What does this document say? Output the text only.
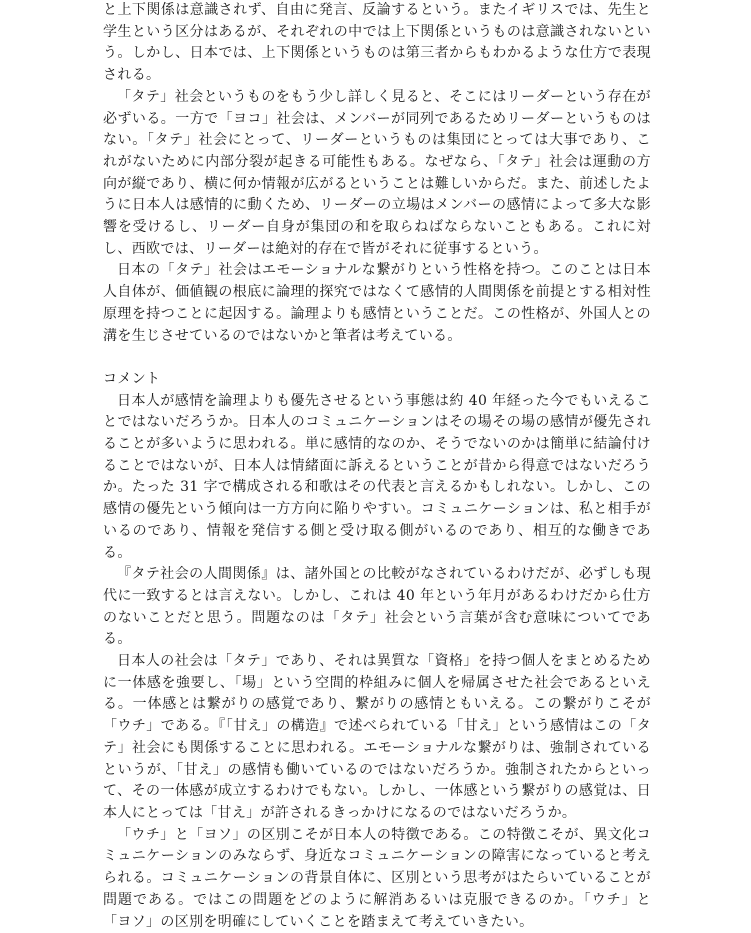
と上下関係は意識されず、自由に発言、反論するという。またイギリスでは、先生と学生という区分はあるが、それぞれの中では上下関係というものは意識されないという。しかし、日本では、上下関係というものは第三者からもわかるような仕方で表現される。

「タテ」社会というものをもう少し詳しく見ると、そこにはリーダーという存在が必ずいる。一方で「ヨコ」社会は、メンバーが同列であるためリーダーというものはない。「タテ」社会にとって、リーダーというものは集団にとっては大事であり、これがないために内部分裂が起きる可能性もある。なぜなら、「タテ」社会は運動の方向が縦であり、横に何か情報が広がるということは難しいからだ。また、前述したように日本人は感情的に動くため、リーダーの立場はメンバーの感情によって多大な影響を受けるし、リーダー自身が集団の和を取らねばならないこともある。これに対し、西欧では、リーダーは絶対的存在で皆がそれに従事するという。

日本の「タテ」社会はエモーショナルな繋がりという性格を持つ。このことは日本人自体が、価値観の根底に論理的探究ではなくて感情的人間関係を前提とする相対性原理を持つことに起因する。論理よりも感情ということだ。この性格が、外国人との溝を生じさせているのではないかと筆者は考えている。

コメント

日本人が感情を論理よりも優先させるという事態は約 40 年経った今でもいえることではないだろうか。日本人のコミュニケーションはその場その場の感情が優先されることが多いように思われる。単に感情的なのか、そうでないのかは簡単に結論付けることではないが、日本人は情緒面に訴えるということが昔から得意ではないだろうか。たった 31 字で構成される和歌はその代表と言えるかもしれない。しかし、この感情の優先という傾向は一方方向に陥りやすい。コミュニケーションは、私と相手がいるのであり、情報を発信する側と受け取る側がいるのであり、相互的な働きである。

『タテ社会の人間関係』は、諸外国との比較がなされているわけだが、必ずしも現代に一致するとは言えない。しかし、これは 40 年という年月があるわけだから仕方のないことだと思う。問題なのは「タテ」社会という言葉が含む意味についてである。

日本人の社会は「タテ」であり、それは異質な「資格」を持つ個人をまとめるために一体感を強要し、「場」という空間的枠組みに個人を帰属させた社会であるといえる。一体感とは繋がりの感覚であり、繋がりの感情ともいえる。この繋がりこそが「ウチ」である。『「甘え」の構造』で述べられている「甘え」という感情はこの「タテ」社会にも関係することに思われる。エモーショナルな繋がりは、強制されているというが、「甘え」の感情も働いているのではないだろうか。強制されたからといって、その一体感が成立するわけでもない。しかし、一体感という繋がりの感覚は、日本人にとっては「甘え」が許されるきっかけになるのではないだろうか。

「ウチ」と「ヨソ」の区別こそが日本人の特徴である。この特徴こそが、異文化コミュニケーションのみならず、身近なコミュニケーションの障害になっていると考えられる。コミュニケーションの背景自体に、区別という思考がはたらいていることが問題である。ではこの問題をどのように解消あるいは克服できるのか。「ウチ」と「ヨソ」の区別を明確にしていくことを踏まえて考えていきたい。
